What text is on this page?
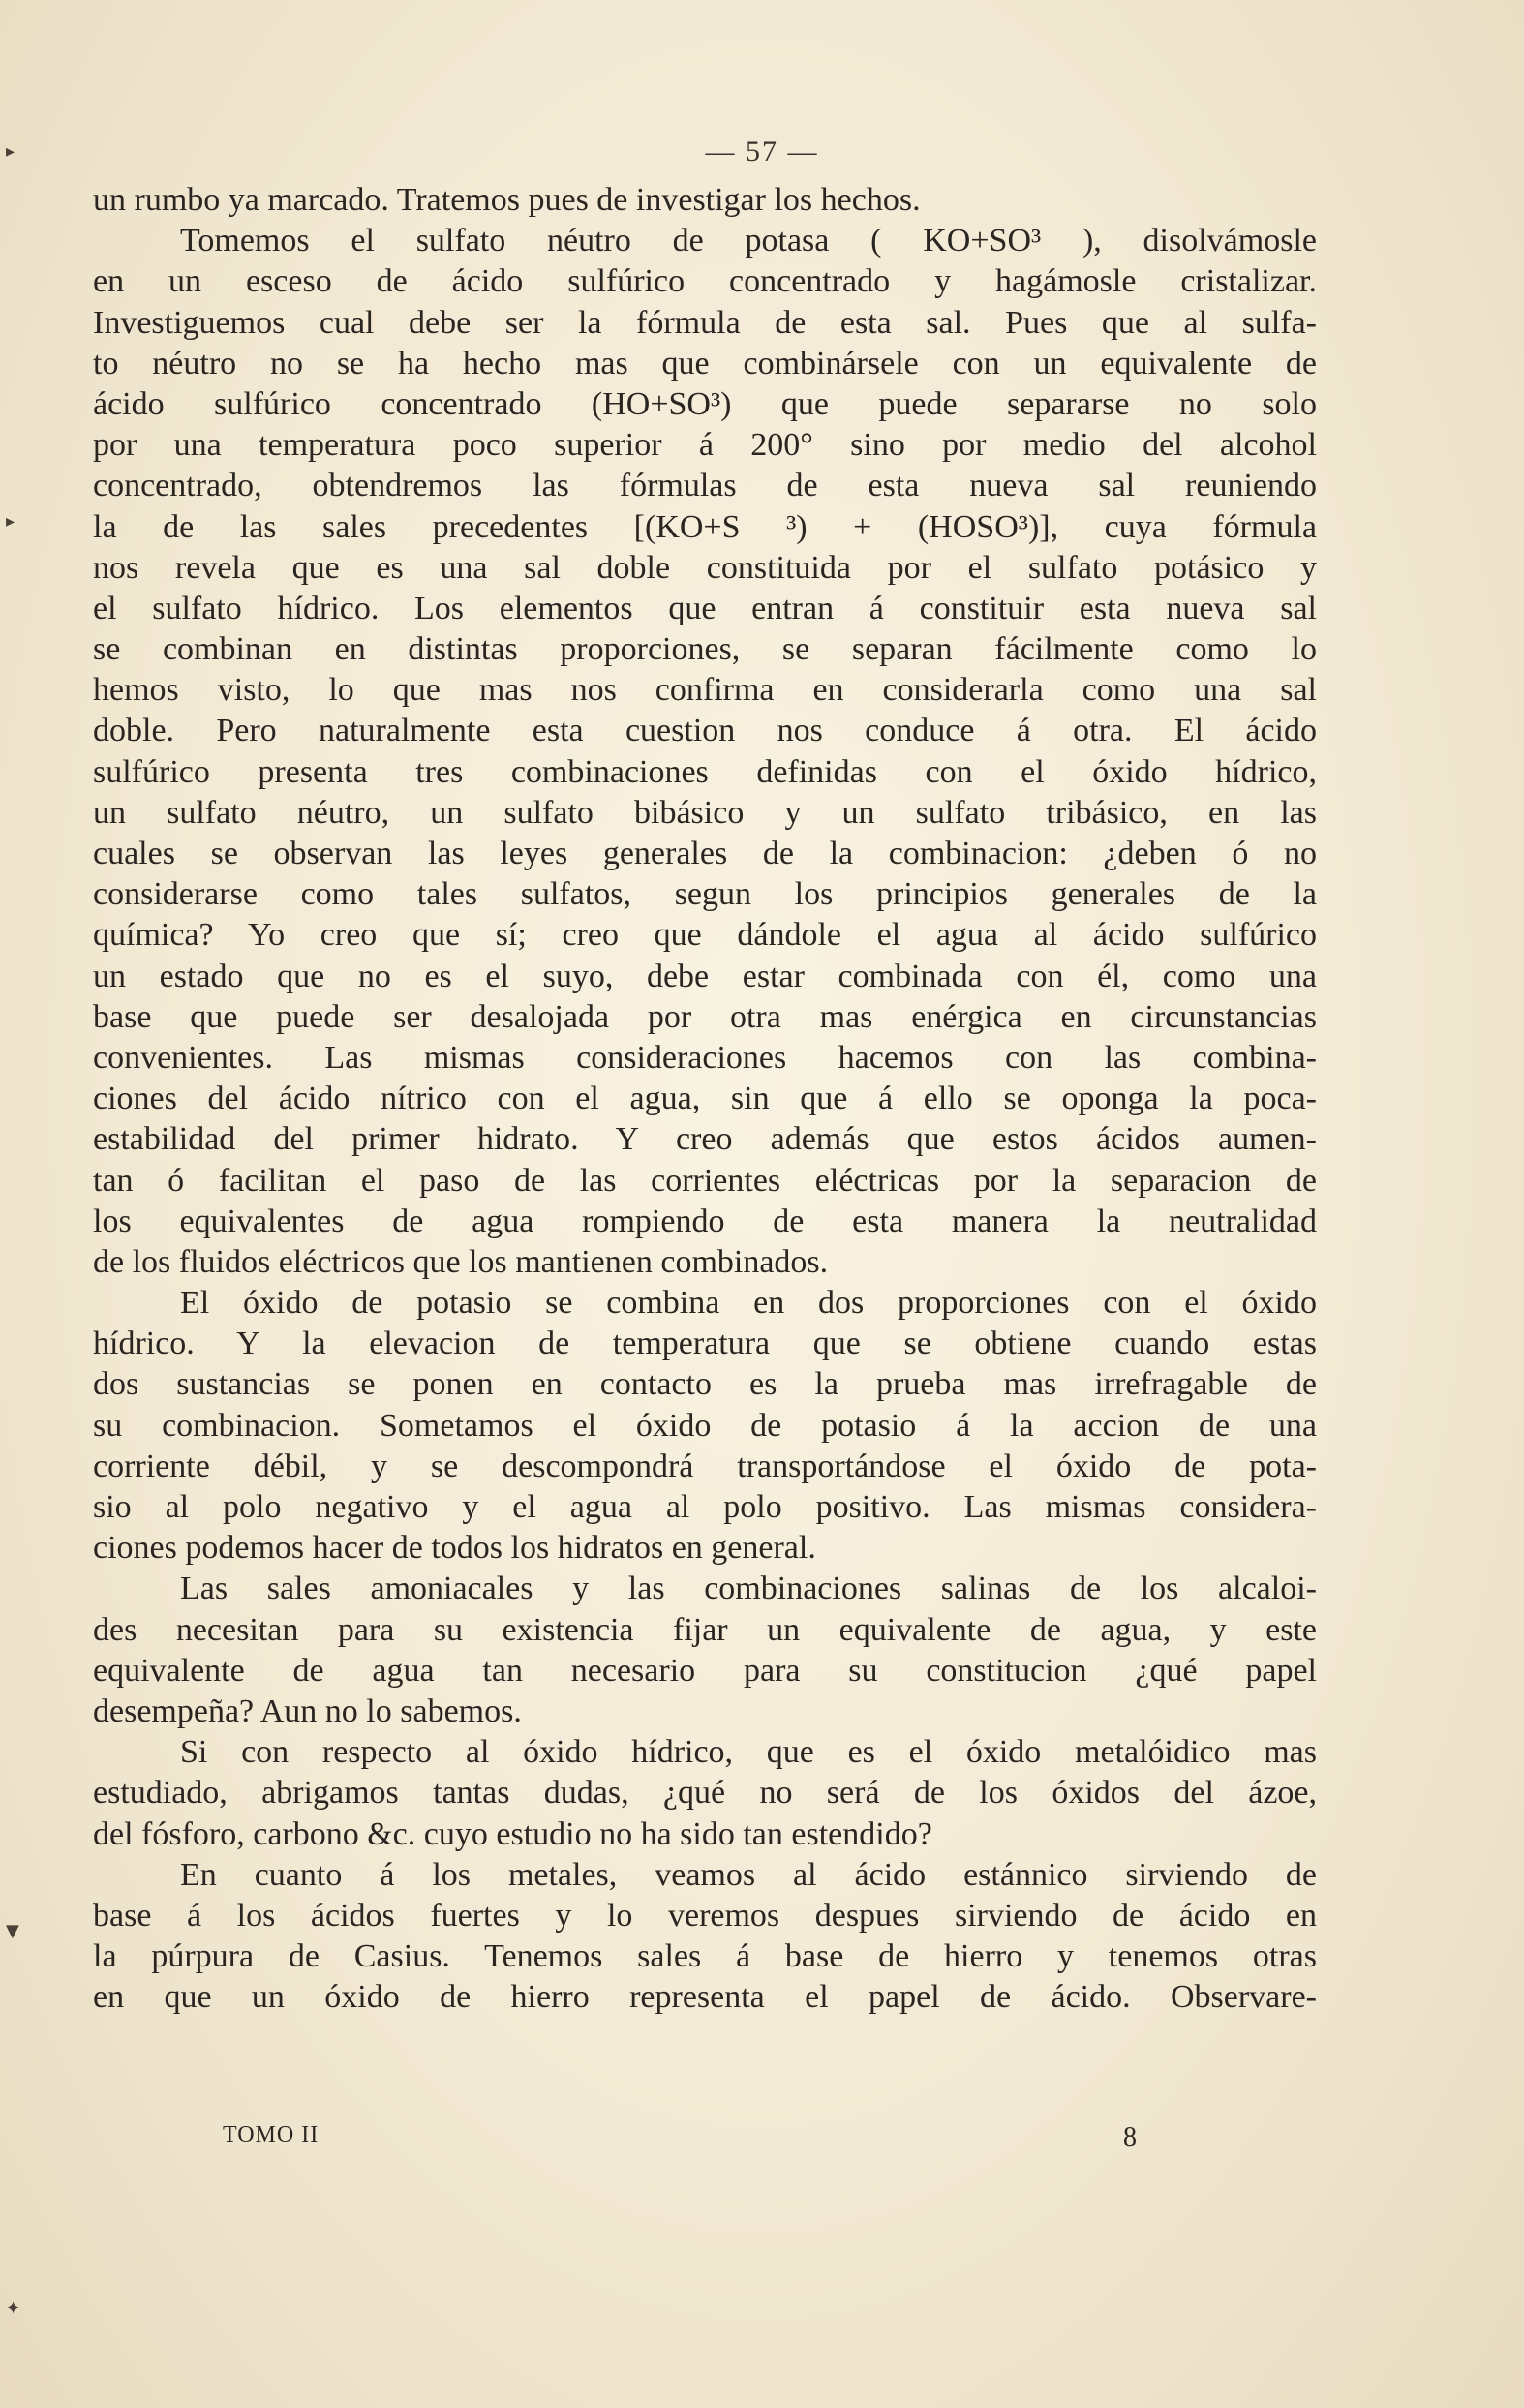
— 57 —
un rumbo ya marcado. Tratemos pues de investigar los hechos.
Tomemos el sulfato néutro de potasa ( KO+SO³ ), disolvámosle
en un esceso de ácido sulfúrico concentrado y hagámosle cristalizar.
Investiguemos cual debe ser la fórmula de esta sal. Pues que al sulfa-
to néutro no se ha hecho mas que combinársele con un equivalente de
ácido sulfúrico concentrado (HO+SO³) que puede separarse no solo
por una temperatura poco superior á 200° sino por medio del alcohol
concentrado, obtendremos las fórmulas de esta nueva sal reuniendo
la de las sales precedentes [(KO+S ³) + (HOSO³)], cuya fórmula
nos revela que es una sal doble constituida por el sulfato potásico y
el sulfato hídrico. Los elementos que entran á constituir esta nueva sal
se combinan en distintas proporciones, se separan fácilmente como lo
hemos visto, lo que mas nos confirma en considerarla como una sal
doble. Pero naturalmente esta cuestion nos conduce á otra. El ácido
sulfúrico presenta tres combinaciones definidas con el óxido hídrico,
un sulfato néutro, un sulfato bibásico y un sulfato tribásico, en las
cuales se observan las leyes generales de la combinacion: ¿deben ó no
considerarse como tales sulfatos, segun los principios generales de la
química? Yo creo que sí; creo que dándole el agua al ácido sulfúrico
un estado que no es el suyo, debe estar combinada con él, como una
base que puede ser desalojada por otra mas enérgica en circunstancias
convenientes. Las mismas consideraciones hacemos con las combina-
ciones del ácido nítrico con el agua, sin que á ello se oponga la poca-
estabilidad del primer hidrato. Y creo además que estos ácidos aumen-
tan ó facilitan el paso de las corrientes eléctricas por la separacion de
los equivalentes de agua rompiendo de esta manera la neutralidad
de los fluidos eléctricos que los mantienen combinados.
El óxido de potasio se combina en dos proporciones con el óxido
hídrico. Y la elevacion de temperatura que se obtiene cuando estas
dos sustancias se ponen en contacto es la prueba mas irrefragable de
su combinacion. Sometamos el óxido de potasio á la accion de una
corriente débil, y se descompondrá transportándose el óxido de pota-
sio al polo negativo y el agua al polo positivo. Las mismas considera-
ciones podemos hacer de todos los hidratos en general.
Las sales amoniacales y las combinaciones salinas de los alcaloi-
des necesitan para su existencia fijar un equivalente de agua, y este
equivalente de agua tan necesario para su constitucion ¿qué papel
desempeña? Aun no lo sabemos.
Si con respecto al óxido hídrico, que es el óxido metalóidico mas
estudiado, abrigamos tantas dudas, ¿qué no será de los óxidos del ázoe,
del fósforo, carbono &c. cuyo estudio no ha sido tan estendido?
En cuanto á los metales, veamos al ácido estánnico sirviendo de
base á los ácidos fuertes y lo veremos despues sirviendo de ácido en
la púrpura de Casius. Tenemos sales á base de hierro y tenemos otras
en que un óxido de hierro representa el papel de ácido. Observare-
TOMO II	8
▸
▸
▼
✦
